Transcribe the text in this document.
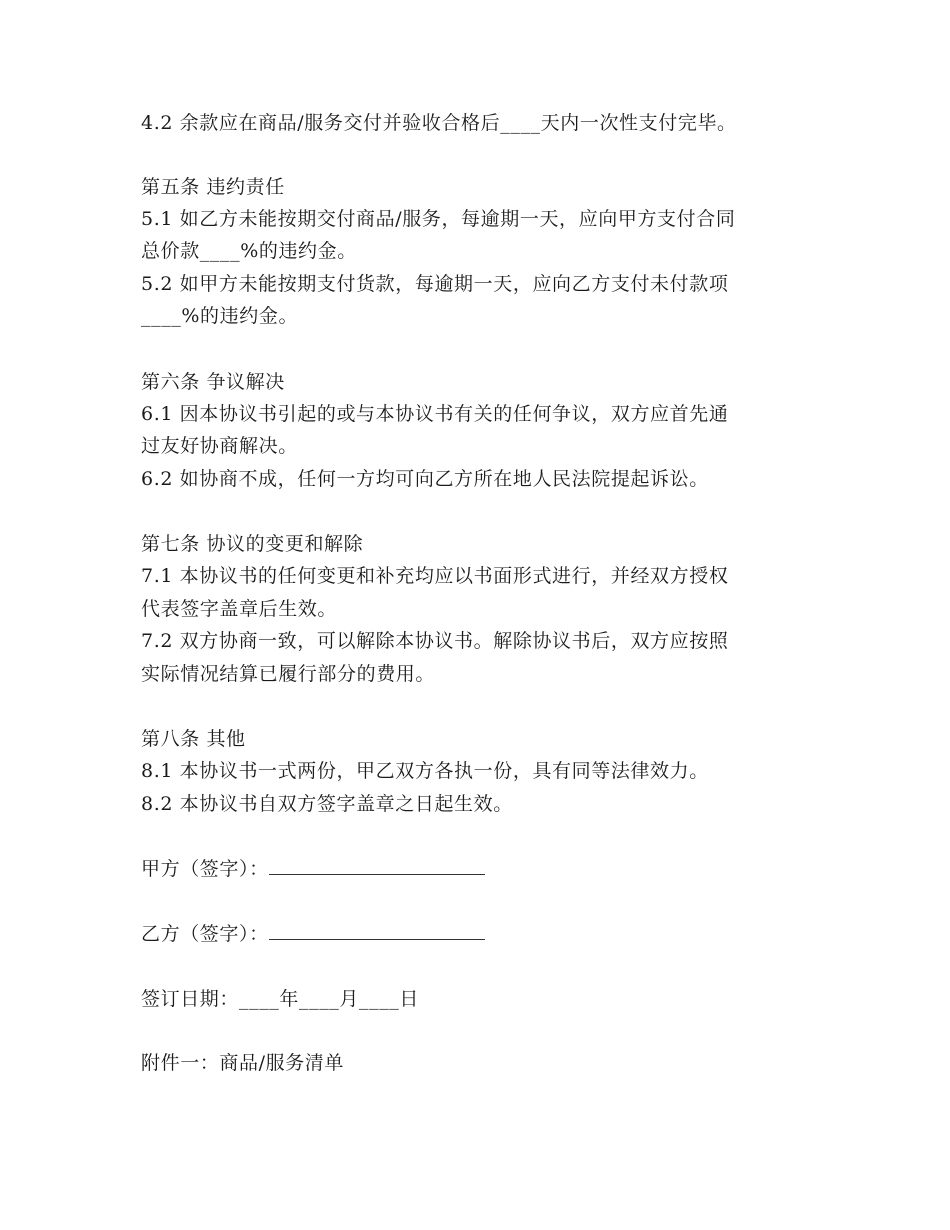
4.2 余款应在商品/服务交付并验收合格后____天内一次性支付完毕。
第五条 违约责任
5.1 如乙方未能按期交付商品/服务，每逾期一天，应向甲方支付合同
总价款____%的违约金。
5.2 如甲方未能按期支付货款，每逾期一天，应向乙方支付未付款项
____%的违约金。
第六条 争议解决
6.1 因本协议书引起的或与本协议书有关的任何争议，双方应首先通
过友好协商解决。
6.2 如协商不成，任何一方均可向乙方所在地人民法院提起诉讼。
第七条 协议的变更和解除
7.1 本协议书的任何变更和补充均应以书面形式进行，并经双方授权
代表签字盖章后生效。
7.2 双方协商一致，可以解除本协议书。解除协议书后，双方应按照
实际情况结算已履行部分的费用。
第八条 其他
8.1 本协议书一式两份，甲乙双方各执一份，具有同等法律效力。
8.2 本协议书自双方签字盖章之日起生效。
甲方（签字）：
乙方（签字）：
签订日期：____年____月____日
附件一：商品/服务清单
